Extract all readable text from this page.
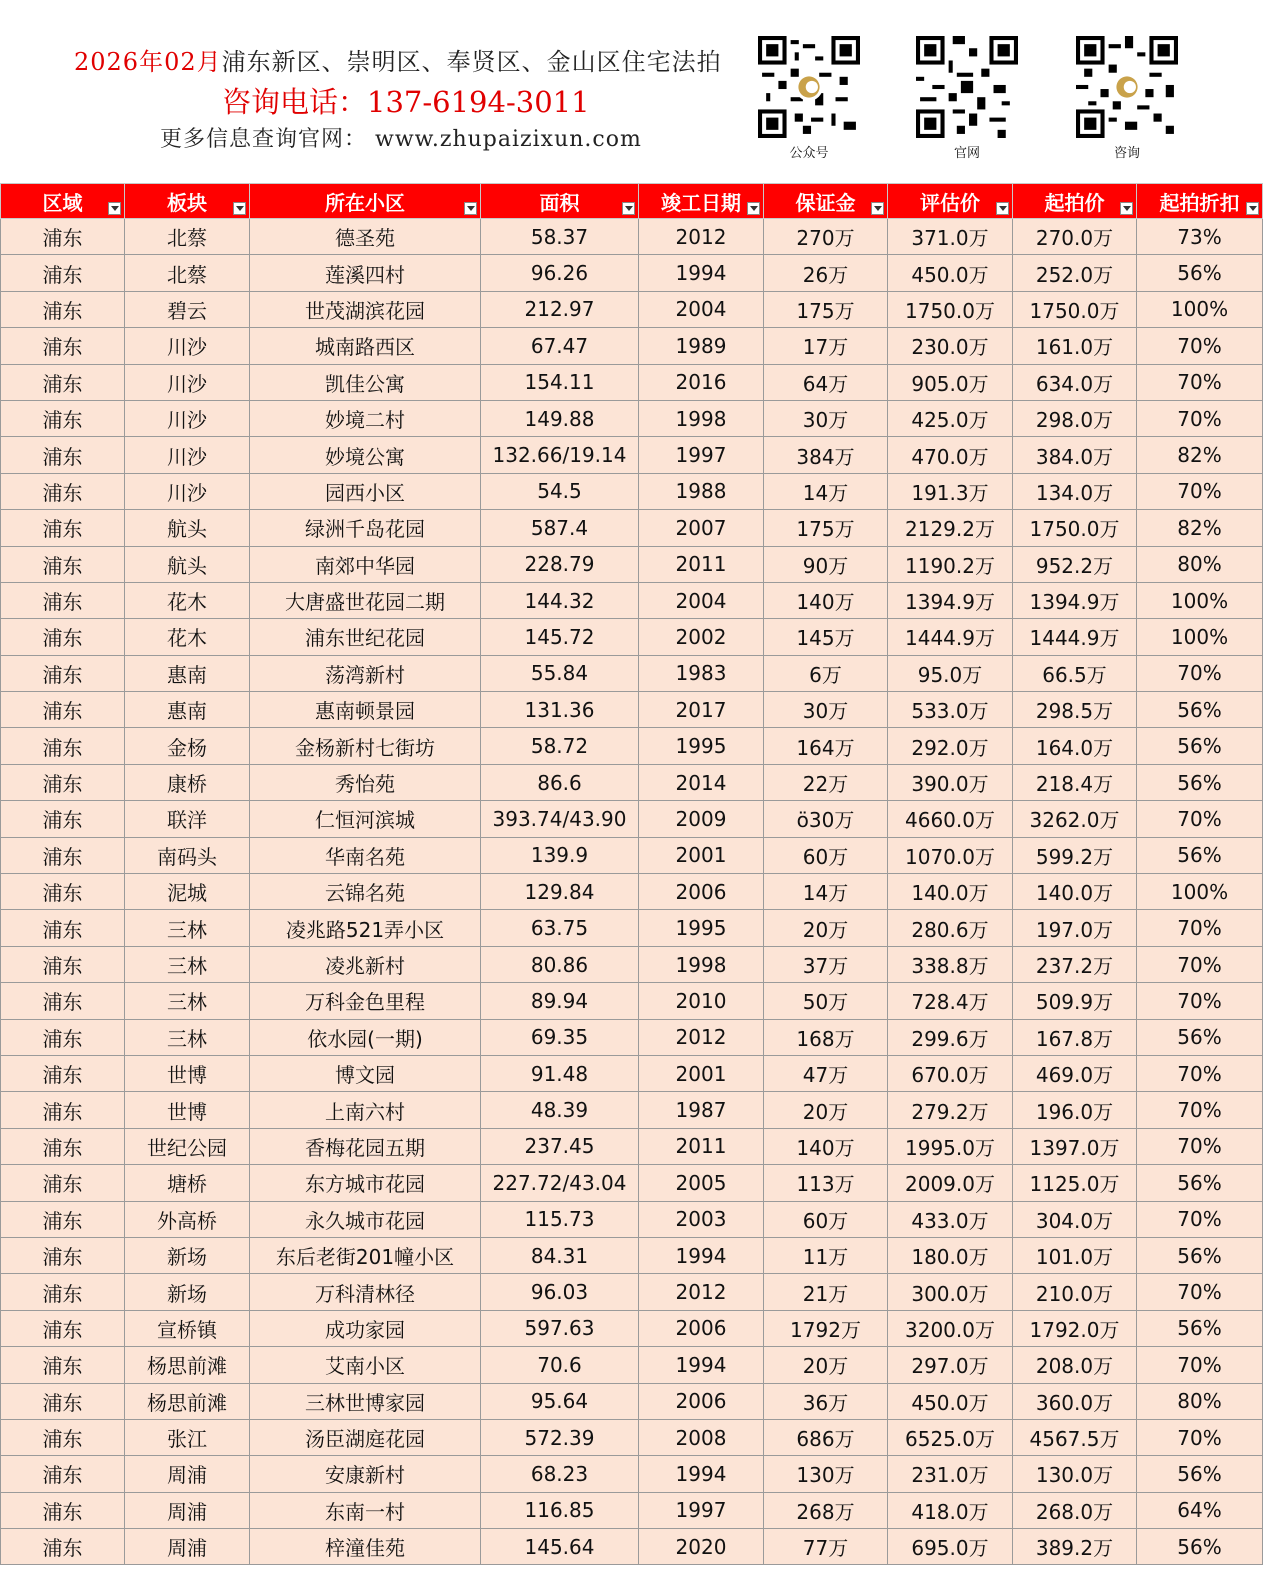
2026年02月浦东新区、崇明区、奉贤区、金山区住宅法拍
咨询电话：137-6194-3011
更多信息查询官网： www.zhupaizixun.com
公众号	官网	咨询
区域	板块	所在小区	面积	竣工日期	保证金	评估价	起拍价	起拍折扣

浦东	北蔡	德圣苑	58.37	2012	270万	371.0万	270.0万	73%
浦东	北蔡	莲溪四村	96.26	1994	26万	450.0万	252.0万	56%
浦东	碧云	世茂湖滨花园	212.97	2004	175万	1750.0万	1750.0万	100%
浦东	川沙	城南路西区	67.47	1989	17万	230.0万	161.0万	70%
浦东	川沙	凯佳公寓	154.11	2016	64万	905.0万	634.0万	70%
浦东	川沙	妙境二村	149.88	1998	30万	425.0万	298.0万	70%
浦东	川沙	妙境公寓	132.66/19.14	1997	384万	470.0万	384.0万	82%
浦东	川沙	园西小区	54.5	1988	14万	191.3万	134.0万	70%
浦东	航头	绿洲千岛花园	587.4	2007	175万	2129.2万	1750.0万	82%
浦东	航头	南郊中华园	228.79	2011	90万	1190.2万	952.2万	80%
浦东	花木	大唐盛世花园二期	144.32	2004	140万	1394.9万	1394.9万	100%
浦东	花木	浦东世纪花园	145.72	2002	145万	1444.9万	1444.9万	100%
浦东	惠南	荡湾新村	55.84	1983	6万	95.0万	66.5万	70%
浦东	惠南	惠南顿景园	131.36	2017	30万	533.0万	298.5万	56%
浦东	金杨	金杨新村七街坊	58.72	1995	164万	292.0万	164.0万	56%
浦东	康桥	秀怡苑	86.6	2014	22万	390.0万	218.4万	56%
浦东	联洋	仁恒河滨城	393.74/43.90	2009	ö30万	4660.0万	3262.0万	70%
浦东	南码头	华南名苑	139.9	2001	60万	1070.0万	599.2万	56%
浦东	泥城	云锦名苑	129.84	2006	14万	140.0万	140.0万	100%
浦东	三林	凌兆路521弄小区	63.75	1995	20万	280.6万	197.0万	70%
浦东	三林	凌兆新村	80.86	1998	37万	338.8万	237.2万	70%
浦东	三林	万科金色里程	89.94	2010	50万	728.4万	509.9万	70%
浦东	三林	依水园(一期)	69.35	2012	168万	299.6万	167.8万	56%
浦东	世博	博文园	91.48	2001	47万	670.0万	469.0万	70%
浦东	世博	上南六村	48.39	1987	20万	279.2万	196.0万	70%
浦东	世纪公园	香梅花园五期	237.45	2011	140万	1995.0万	1397.0万	70%
浦东	塘桥	东方城市花园	227.72/43.04	2005	113万	2009.0万	1125.0万	56%
浦东	外高桥	永久城市花园	115.73	2003	60万	433.0万	304.0万	70%
浦东	新场	东后老街201幢小区	84.31	1994	11万	180.0万	101.0万	56%
浦东	新场	万科清林径	96.03	2012	21万	300.0万	210.0万	70%
浦东	宣桥镇	成功家园	597.63	2006	1792万	3200.0万	1792.0万	56%
浦东	杨思前滩	艾南小区	70.6	1994	20万	297.0万	208.0万	70%
浦东	杨思前滩	三林世博家园	95.64	2006	36万	450.0万	360.0万	80%
浦东	张江	汤臣湖庭花园	572.39	2008	686万	6525.0万	4567.5万	70%
浦东	周浦	安康新村	68.23	1994	130万	231.0万	130.0万	56%
浦东	周浦	东南一村	116.85	1997	268万	418.0万	268.0万	64%
浦东	周浦	梓潼佳苑	145.64	2020	77万	695.0万	389.2万	56%
